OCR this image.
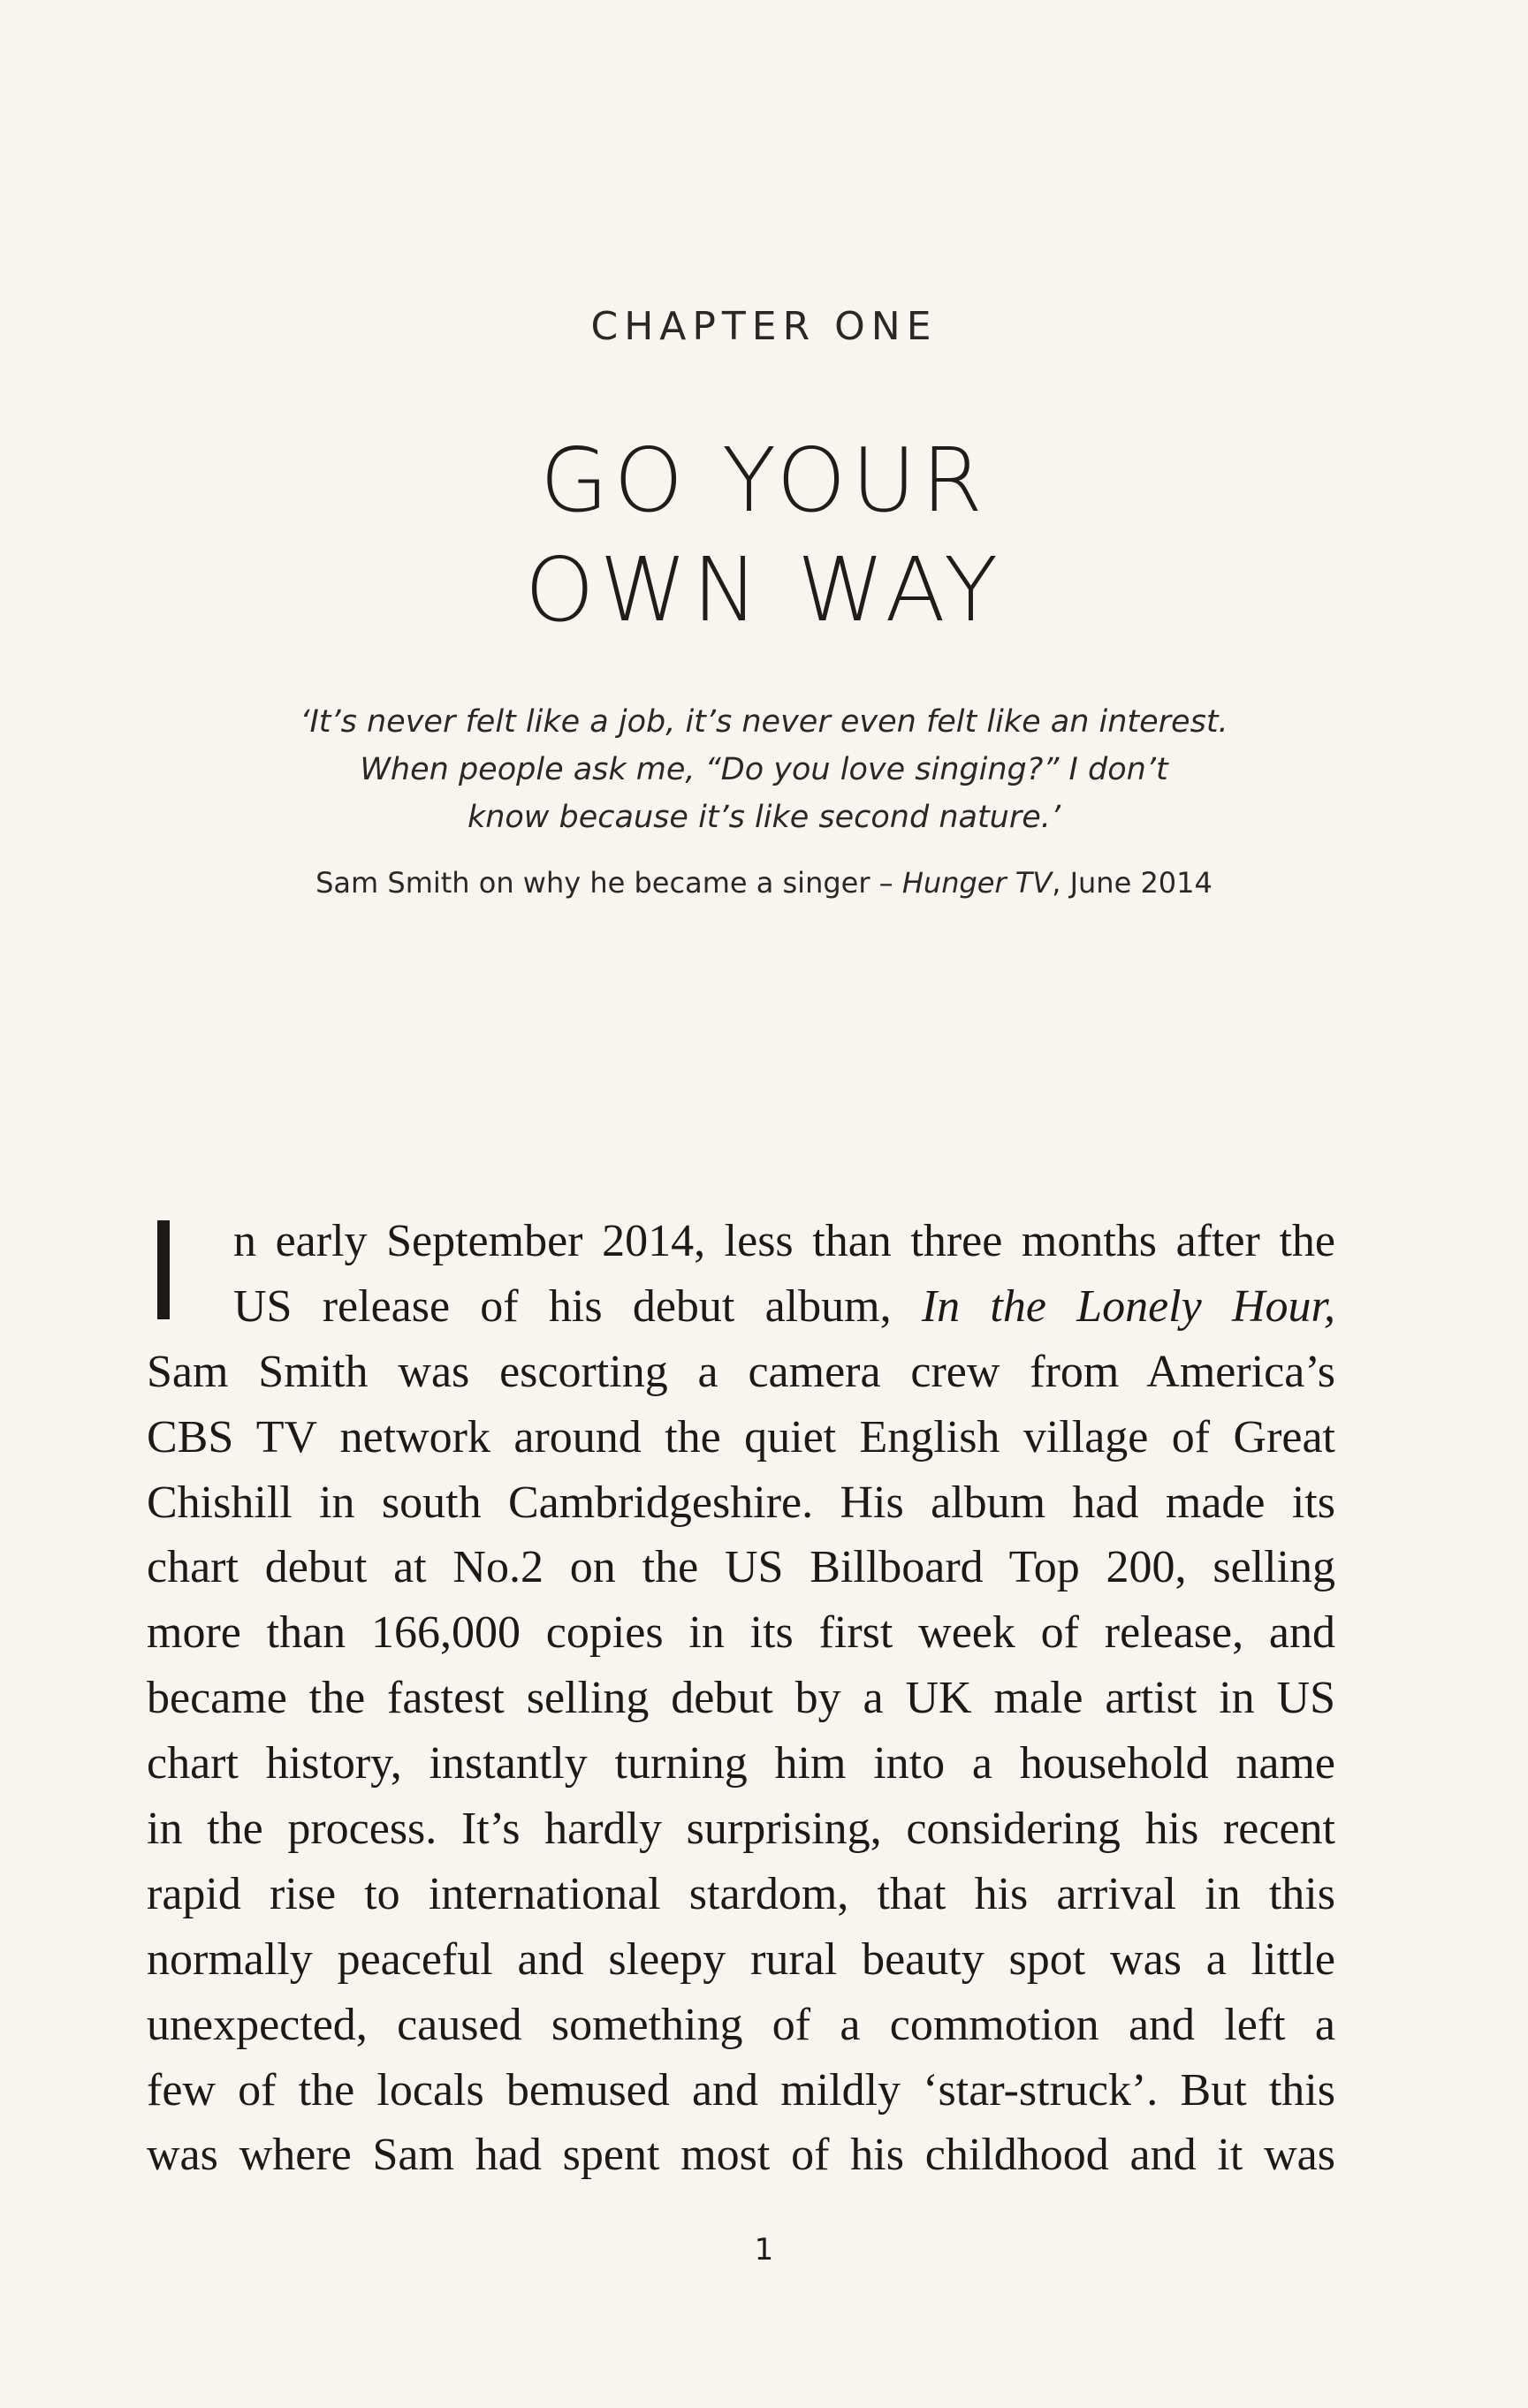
CHAPTER ONE
GO YOUR
OWN WAY
‘It’s never felt like a job, it’s never even felt like an interest.
When people ask me, “Do you love singing?” I don’t
know because it’s like second nature.’
Sam Smith on why he became a singer – Hunger TV, June 2014
n early September 2014, less than three months after the
US release of his debut album, In the Lonely Hour,
Sam Smith was escorting a camera crew from America’s
CBS TV network around the quiet English village of Great
Chishill in south Cambridgeshire. His album had made its
chart debut at No.2 on the US Billboard Top 200, selling
more than 166,000 copies in its first week of release, and
became the fastest selling debut by a UK male artist in US
chart history, instantly turning him into a household name
in the process. It’s hardly surprising, considering his recent
rapid rise to international stardom, that his arrival in this
normally peaceful and sleepy rural beauty spot was a little
unexpected, caused something of a commotion and left a
few of the locals bemused and mildly ‘star-struck’. But this
was where Sam had spent most of his childhood and it was
1
